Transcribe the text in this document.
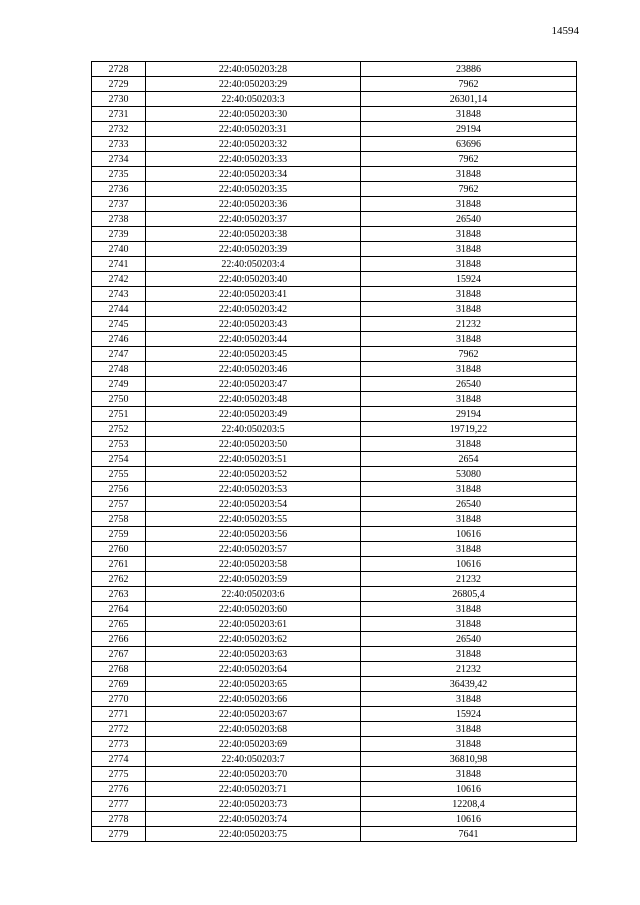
14594
2728	22:40:050203:28	23886
2729	22:40:050203:29	7962
2730	22:40:050203:3	26301,14
2731	22:40:050203:30	31848
2732	22:40:050203:31	29194
2733	22:40:050203:32	63696
2734	22:40:050203:33	7962
2735	22:40:050203:34	31848
2736	22:40:050203:35	7962
2737	22:40:050203:36	31848
2738	22:40:050203:37	26540
2739	22:40:050203:38	31848
2740	22:40:050203:39	31848
2741	22:40:050203:4	31848
2742	22:40:050203:40	15924
2743	22:40:050203:41	31848
2744	22:40:050203:42	31848
2745	22:40:050203:43	21232
2746	22:40:050203:44	31848
2747	22:40:050203:45	7962
2748	22:40:050203:46	31848
2749	22:40:050203:47	26540
2750	22:40:050203:48	31848
2751	22:40:050203:49	29194
2752	22:40:050203:5	19719,22
2753	22:40:050203:50	31848
2754	22:40:050203:51	2654
2755	22:40:050203:52	53080
2756	22:40:050203:53	31848
2757	22:40:050203:54	26540
2758	22:40:050203:55	31848
2759	22:40:050203:56	10616
2760	22:40:050203:57	31848
2761	22:40:050203:58	10616
2762	22:40:050203:59	21232
2763	22:40:050203:6	26805,4
2764	22:40:050203:60	31848
2765	22:40:050203:61	31848
2766	22:40:050203:62	26540
2767	22:40:050203:63	31848
2768	22:40:050203:64	21232
2769	22:40:050203:65	36439,42
2770	22:40:050203:66	31848
2771	22:40:050203:67	15924
2772	22:40:050203:68	31848
2773	22:40:050203:69	31848
2774	22:40:050203:7	36810,98
2775	22:40:050203:70	31848
2776	22:40:050203:71	10616
2777	22:40:050203:73	12208,4
2778	22:40:050203:74	10616
2779	22:40:050203:75	7641
